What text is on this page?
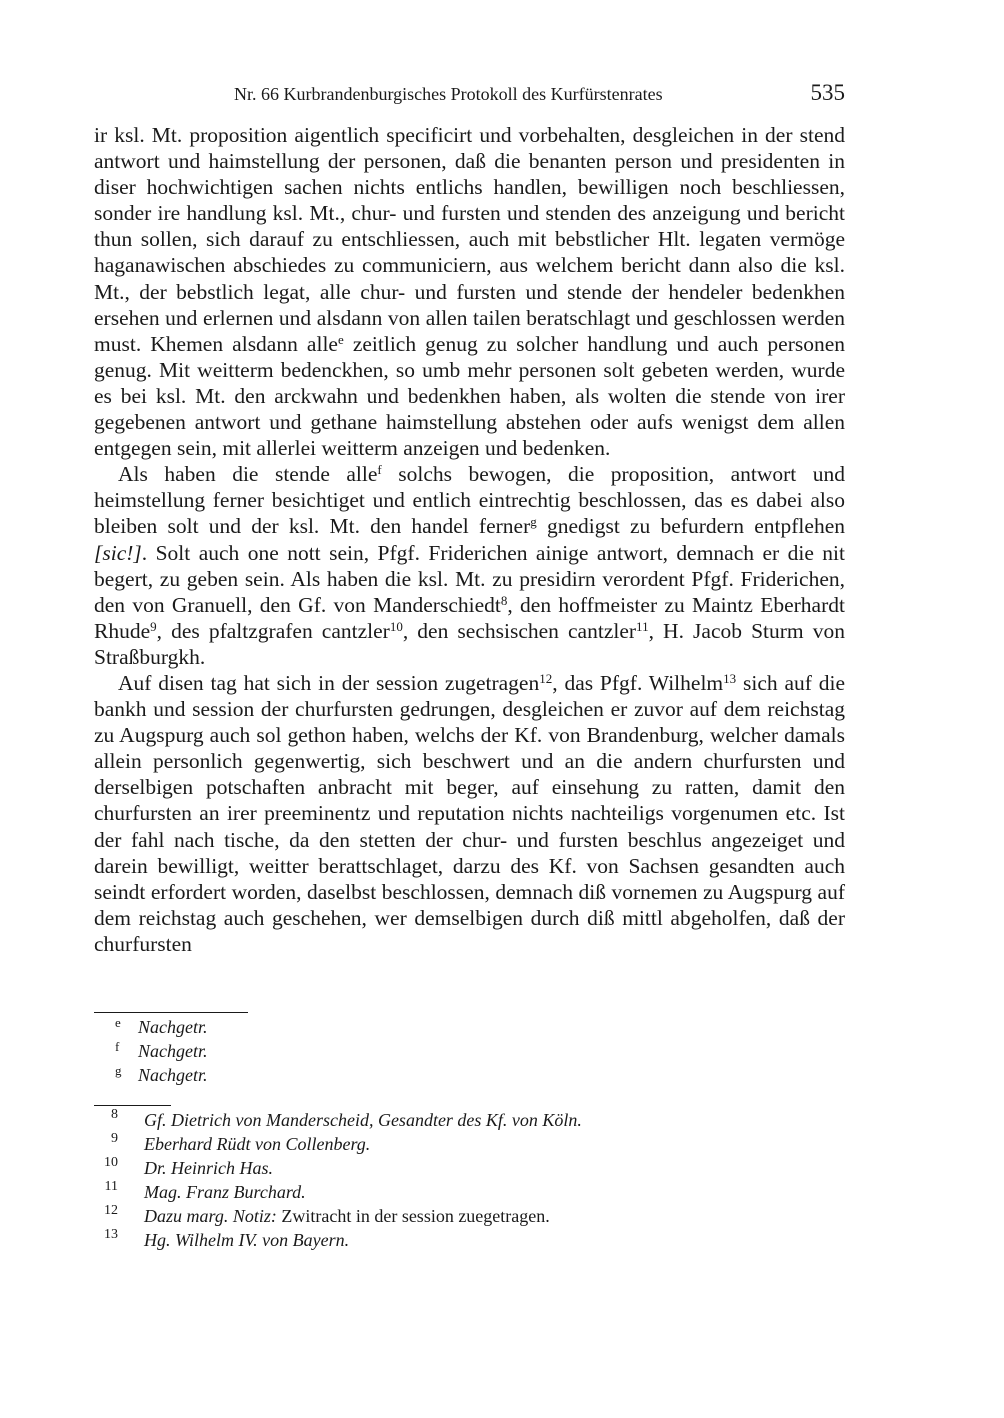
Nr. 66 Kurbrandenburgisches Protokoll des Kurfürstenrates	535

ir ksl. Mt. proposition aigentlich specificirt und vorbehalten, desgleichen in der stend antwort und haimstellung der personen, daß die benanten person und presidenten in diser hochwichtigen sachen nichts entlichs handlen, bewilligen noch beschliessen, sonder ire handlung ksl. Mt., chur- und fursten und stenden des anzeigung und bericht thun sollen, sich darauf zu entschliessen, auch mit bebstlicher Hlt. legaten vermöge haganawischen abschiedes zu communiciern, aus welchem bericht dann also die ksl. Mt., der bebstlich legat, alle chur- und fursten und stende der hendeler bedenkhen ersehen und erlernen und alsdann von allen tailen beratschlagt und geschlossen werden must. Khemen alsdann alle$^e$ zeitlich genug zu solcher handlung und auch personen genug. Mit weitterm bedenckhen, so umb mehr personen solt gebeten werden, wurde es bei ksl. Mt. den arckwahn und bedenkhen haben, als wolten die stende von irer gegebenen antwort und gethane haimstellung abstehen oder aufs wenigst dem allen entgegen sein, mit allerlei weitterm anzeigen und bedenken.

Als haben die stende alle$^f$ solchs bewogen, die proposition, antwort und heimstellung ferner besichtiget und entlich eintrechtig beschlossen, das es dabei also bleiben solt und der ksl. Mt. den handel ferner$^g$ gnedigst zu befurdern entpflehen [sic!]. Solt auch one nott sein, Pfgf. Friderichen ainige antwort, demnach er die nit begert, zu geben sein. Als haben die ksl. Mt. zu presidirn verordent Pfgf. Friderichen, den von Granuell, den Gf. von Manderschiedt$^8$, den hoffmeister zu Maintz Eberhardt Rhude$^9$, des pfaltzgrafen cantzler$^{10}$, den sechsischen cantzler$^{11}$, H. Jacob Sturm von Straßburgkh.

Auf disen tag hat sich in der session zugetragen$^{12}$, das Pfgf. Wilhelm$^{13}$ sich auf die bankh und session der churfursten gedrungen, desgleichen er zuvor auf dem reichstag zu Augspurg auch sol gethon haben, welchs der Kf. von Brandenburg, welcher damals allein personlich gegenwertig, sich beschwert und an die andern churfursten und derselbigen potschaften anbracht mit beger, auf einsehung zu ratten, damit den churfursten an irer preeminentz und reputation nichts nachteiligs vorgenumen etc. Ist der fahl nach tische, da den stetten der chur- und fursten beschlus angezeiget und darein bewilligt, weitter berattschlaget, darzu des Kf. von Sachsen gesandten auch seindt erfordert worden, daselbst beschlossen, demnach diß vornemen zu Augspurg auf dem reichstag auch geschehen, wer demselbigen durch diß mittl abgeholfen, daß der churfursten

e Nachgetr.
f Nachgetr.
g Nachgetr.
8 Gf. Dietrich von Manderscheid, Gesandter des Kf. von Köln.
9 Eberhard Rüdt von Collenberg.
10 Dr. Heinrich Has.
11 Mag. Franz Burchard.
12 Dazu marg. Notiz: Zwitracht in der session zuegetragen.
13 Hg. Wilhelm IV. von Bayern.
